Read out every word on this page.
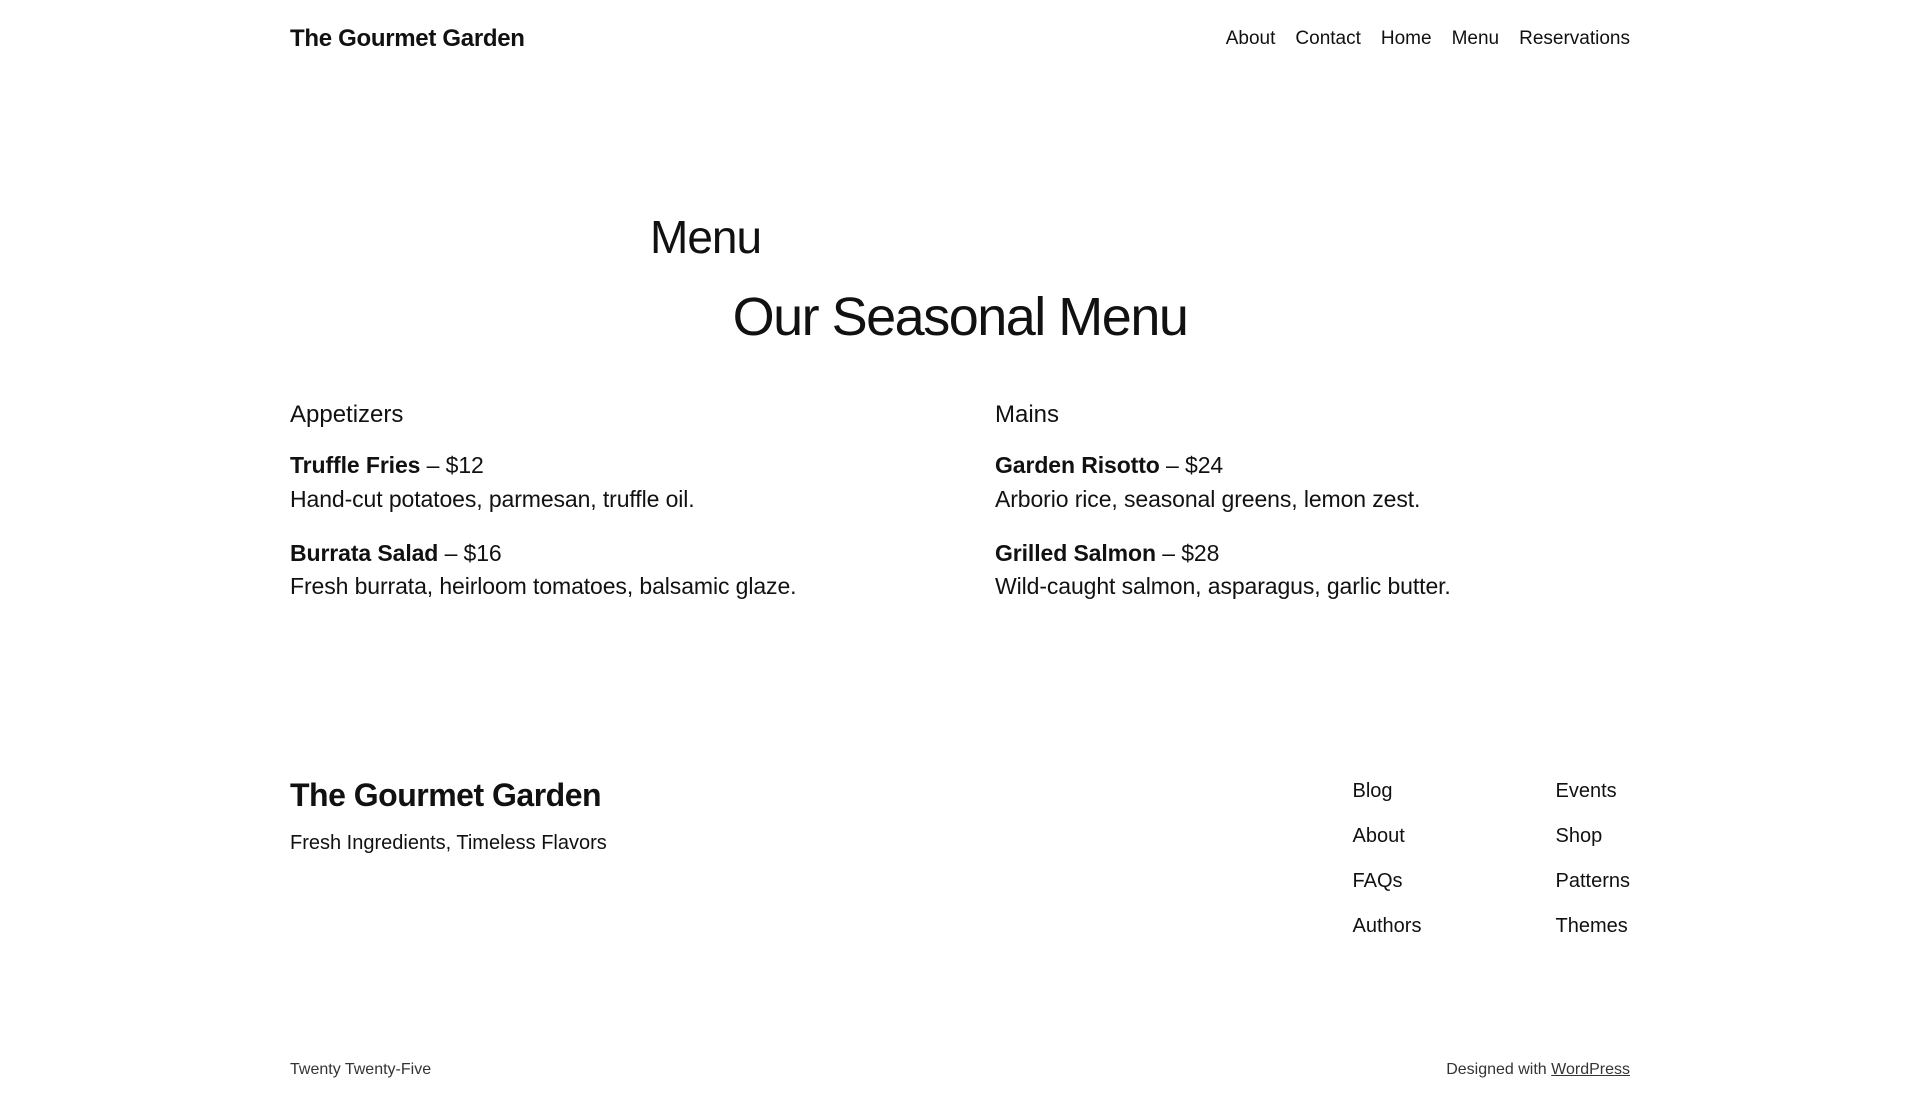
The Gourmet Garden	About Contact Home Menu Reservations
Menu
Our Seasonal Menu
Appetizers

Truffle Fries – $12
Hand-cut potatoes, parmesan, truffle oil.

Burrata Salad – $16
Fresh burrata, heirloom tomatoes, balsamic glaze.

Mains

Garden Risotto – $24
Arborio rice, seasonal greens, lemon zest.

Grilled Salmon – $28
Wild-caught salmon, asparagus, garlic butter.

The Gourmet Garden

Fresh Ingredients, Timeless Flavors

Blog
About
FAQs
Authors
Events
Shop
Patterns
Themes
Twenty Twenty-Five	Designed with WordPress
